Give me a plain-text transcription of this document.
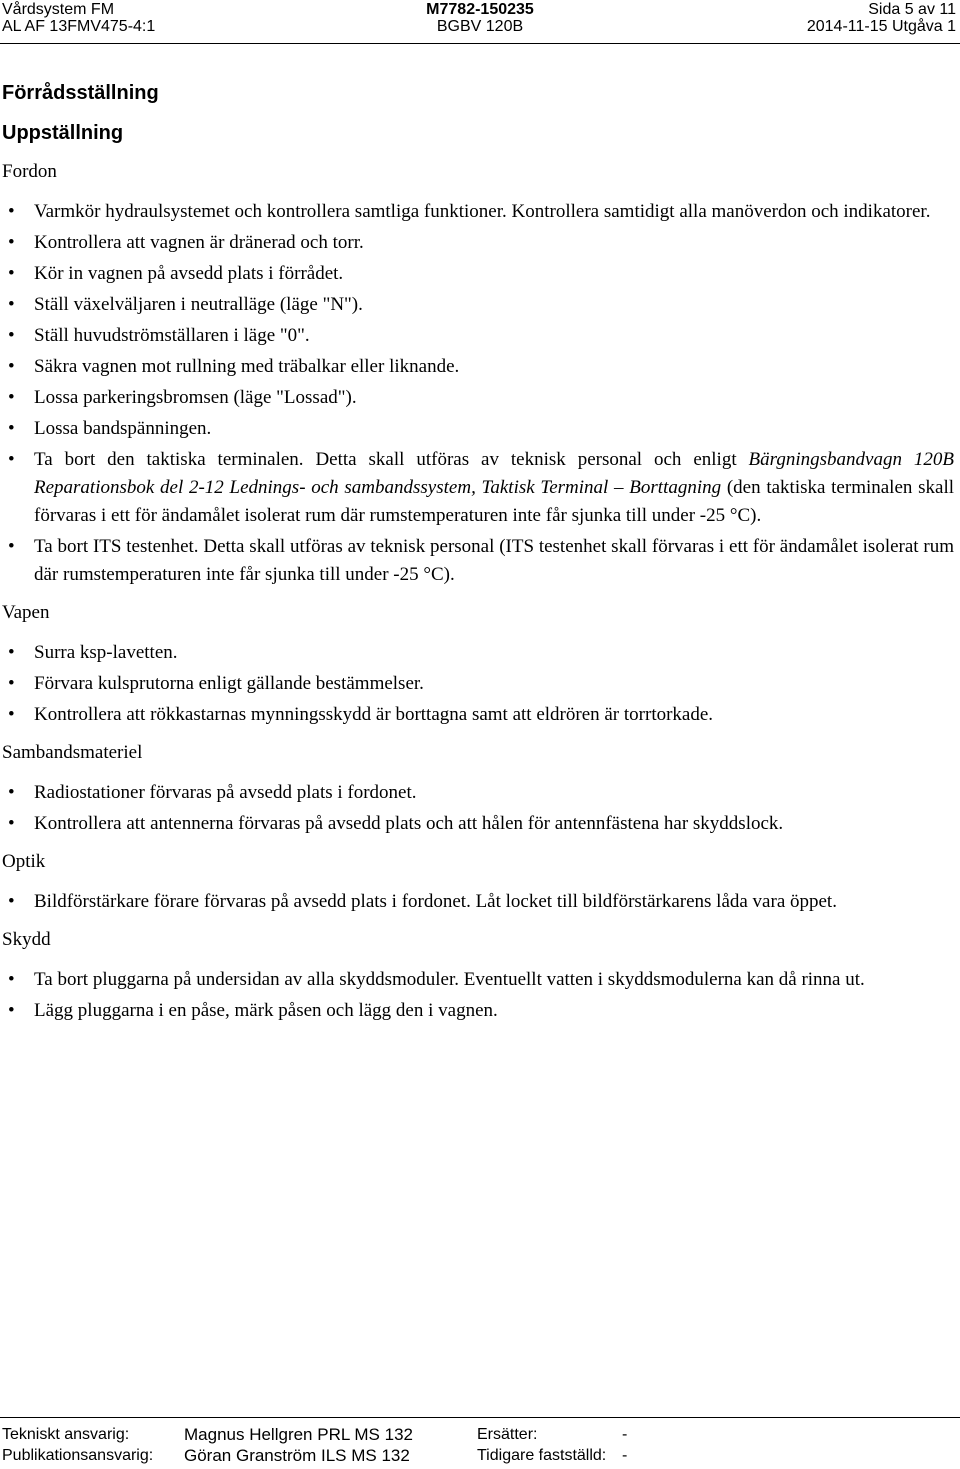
Vårdsystem FM
AL AF 13FMV475-4:1
M7782-150235
BGBV 120B
Sida 5 av 11
2014-11-15 Utgåva 1
Förrådsställning
Uppställning
Fordon
• Varmkör hydraulsystemet och kontrollera samtliga funktioner. Kontrollera samtidigt alla manöverdon och indikatorer.
• Kontrollera att vagnen är dränerad och torr.
• Kör in vagnen på avsedd plats i förrådet.
• Ställ växelväljaren i neutralläge (läge "N").
• Ställ huvudströmställaren i läge "0".
• Säkra vagnen mot rullning med träbalkar eller liknande.
• Lossa parkeringsbromsen (läge "Lossad").
• Lossa bandspänningen.
• Ta bort den taktiska terminalen. Detta skall utföras av teknisk personal och enligt Bärgningsbandvagn 120B Reparationsbok del 2-12 Lednings- och sambandssystem, Taktisk Terminal – Borttagning (den taktiska terminalen skall förvaras i ett för ändamålet isolerat rum där rumstemperaturen inte får sjunka till under -25 °C).
• Ta bort ITS testenhet. Detta skall utföras av teknisk personal (ITS testenhet skall förvaras i ett för ändamålet isolerat rum där rumstemperaturen inte får sjunka till under -25 °C).
Vapen
• Surra ksp-lavetten.
• Förvara kulsprutorna enligt gällande bestämmelser.
• Kontrollera att rökkastarnas mynningsskydd är borttagna samt att eldrören är torrtorkade.
Sambandsmateriel
• Radiostationer förvaras på avsedd plats i fordonet.
• Kontrollera att antennerna förvaras på avsedd plats och att hålen för antennfästena har skyddslock.
Optik
• Bildförstärkare förare förvaras på avsedd plats i fordonet. Låt locket till bildförstärkarens låda vara öppet.
Skydd
• Ta bort pluggarna på undersidan av alla skyddsmoduler. Eventuellt vatten i skyddsmodulerna kan då rinna ut.
• Lägg pluggarna i en påse, märk påsen och lägg den i vagnen.
Tekniskt ansvarig:	Magnus Hellgren PRL MS 132	Ersätter:	-
Publikationsansvarig: Göran Granström ILS MS 132	Tidigare fastställd: -
